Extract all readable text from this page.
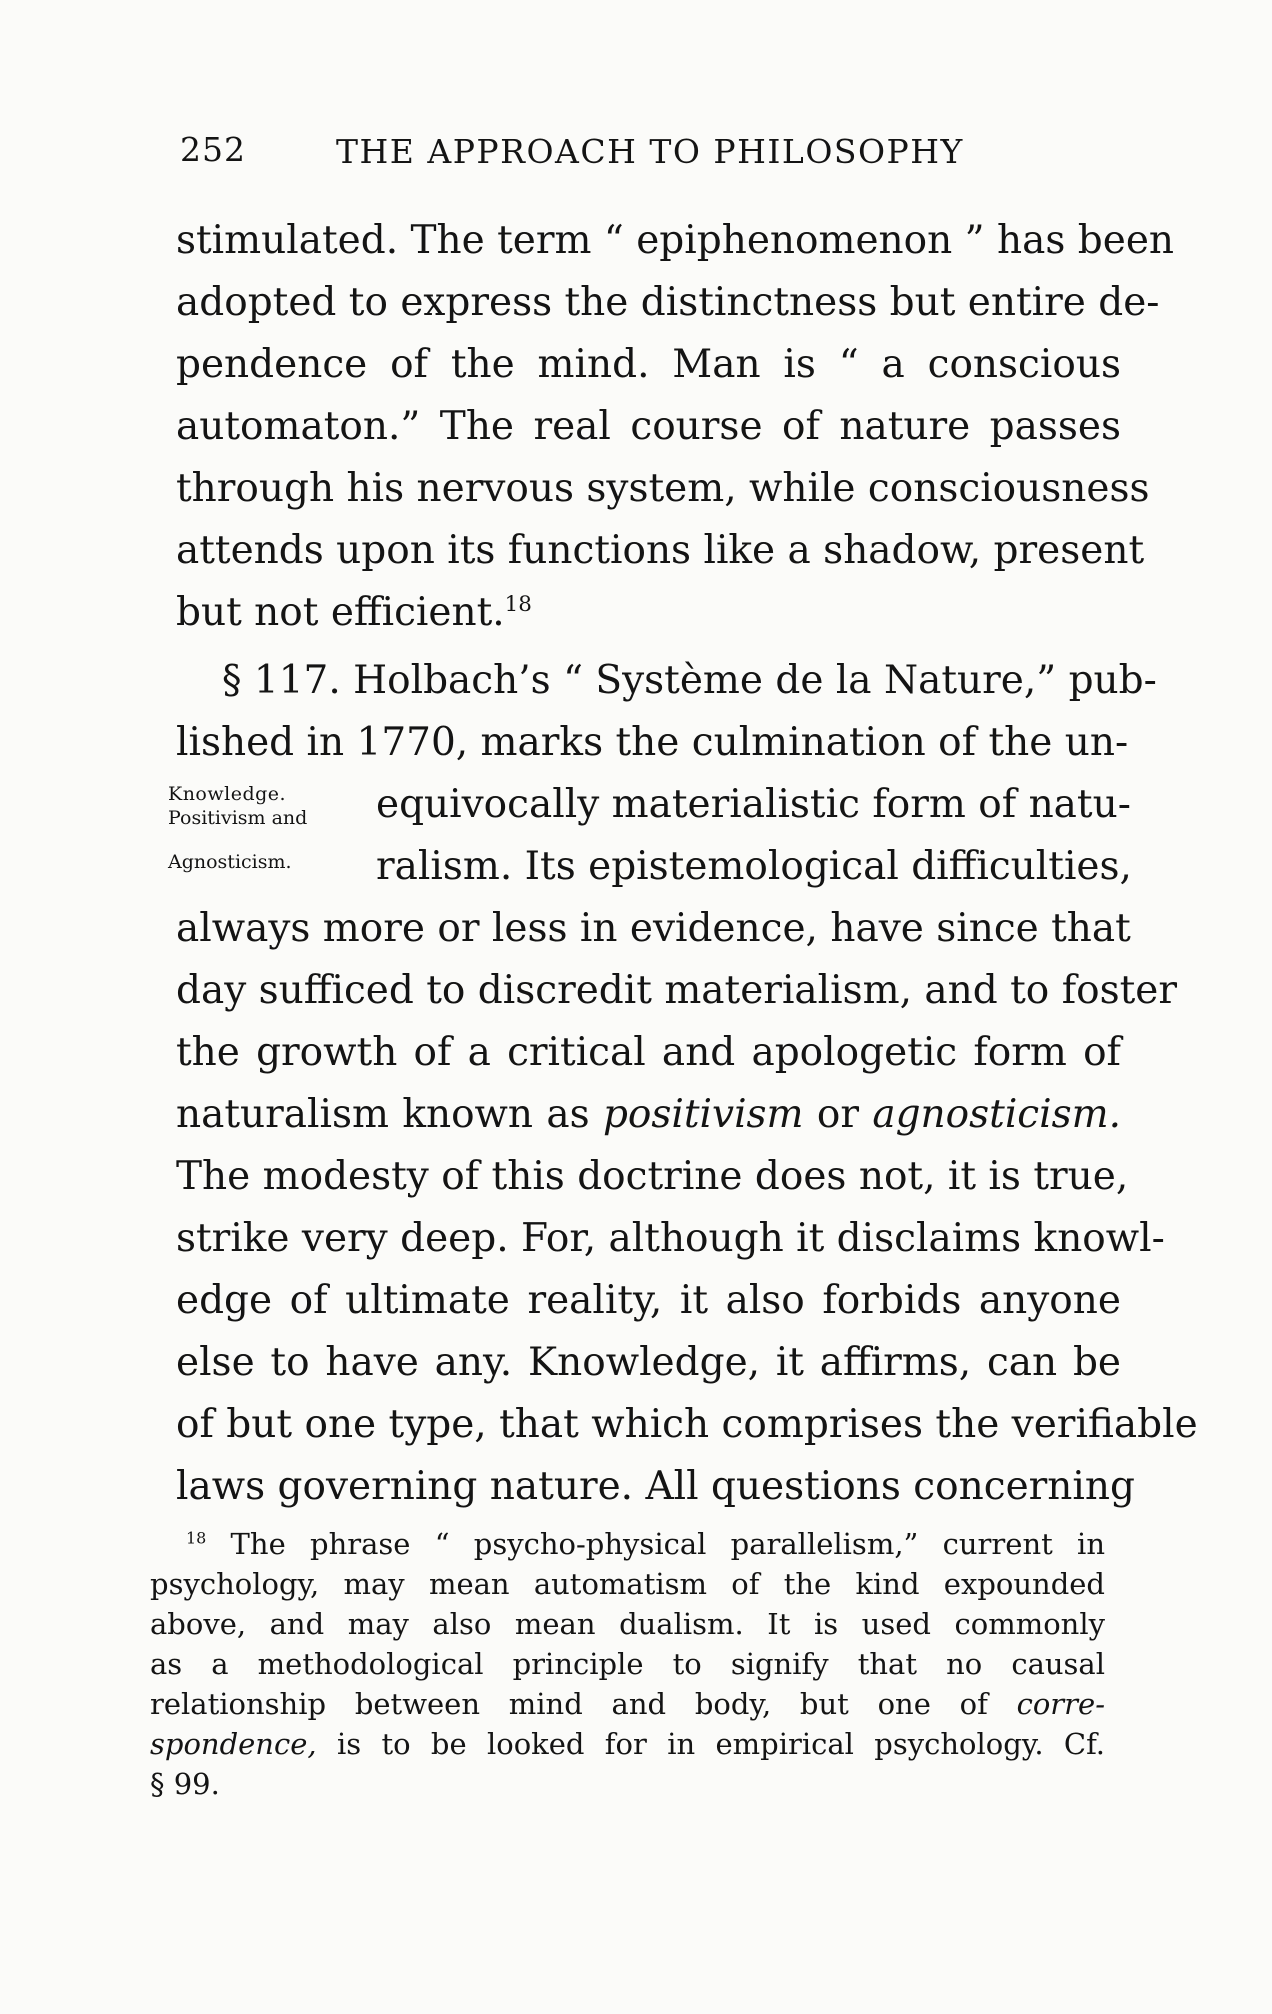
252	THE APPROACH TO PHILOSOPHY
stimulated. The term “ epiphenomenon ” has been
adopted to express the distinctness but entire de-
pendence of the mind. Man is “ a conscious
automaton.” The real course of nature passes
through his nervous system, while consciousness
attends upon its functions like a shadow, present
but not efficient.$^{18}$
Knowledge.
Positivism and
Agnosticism.
§ 117. Holbach’s “ Système de la Nature,” pub-
lished in 1770, marks the culmination of the un-
equivocally materialistic form of natu-
ralism. Its epistemological difficulties,
always more or less in evidence, have since that
day sufficed to discredit materialism, and to foster
the growth of a critical and apologetic form of
naturalism known as positivism or agnosticism.
The modesty of this doctrine does not, it is true,
strike very deep. For, although it disclaims knowl-
edge of ultimate reality, it also forbids anyone
else to have any. Knowledge, it affirms, can be
of but one type, that which comprises the verifiable
laws governing nature. All questions concerning
$^{18}$ The phrase “ psycho-physical parallelism,” current in
psychology, may mean automatism of the kind expounded
above, and may also mean dualism. It is used commonly
as a methodological principle to signify that no causal
relationship between mind and body, but one of corre-
spondence, is to be looked for in empirical psychology. Cf.
§ 99.
